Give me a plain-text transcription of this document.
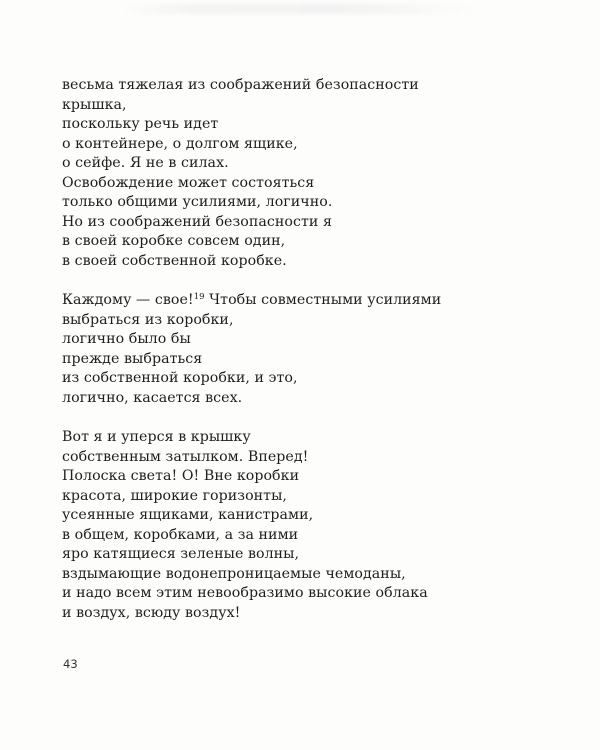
весьма тяжелая из соображений безопасности
крышка,
поскольку речь идет
о контейнере, о долгом ящике,
о сейфе. Я не в силах.
Освобождение может состояться
только общими усилиями, логично.
Но из соображений безопасности я
в своей коробке совсем один,
в своей собственной коробке.
Каждому — свое!$^{19}$ Чтобы совместными усилиями
выбраться из коробки,
логично было бы
прежде выбраться
из собственной коробки, и это,
логично, касается всех.
Вот я и уперся в крышку
собственным затылком. Вперед!
Полоска света! О! Вне коробки
красота, широкие горизонты,
усеянные ящиками, канистрами,
в общем, коробками, а за ними
яро катящиеся зеленые волны,
вздымающие водонепроницаемые чемоданы,
и надо всем этим невообразимо высокие облака
и воздух, всюду воздух!
43
